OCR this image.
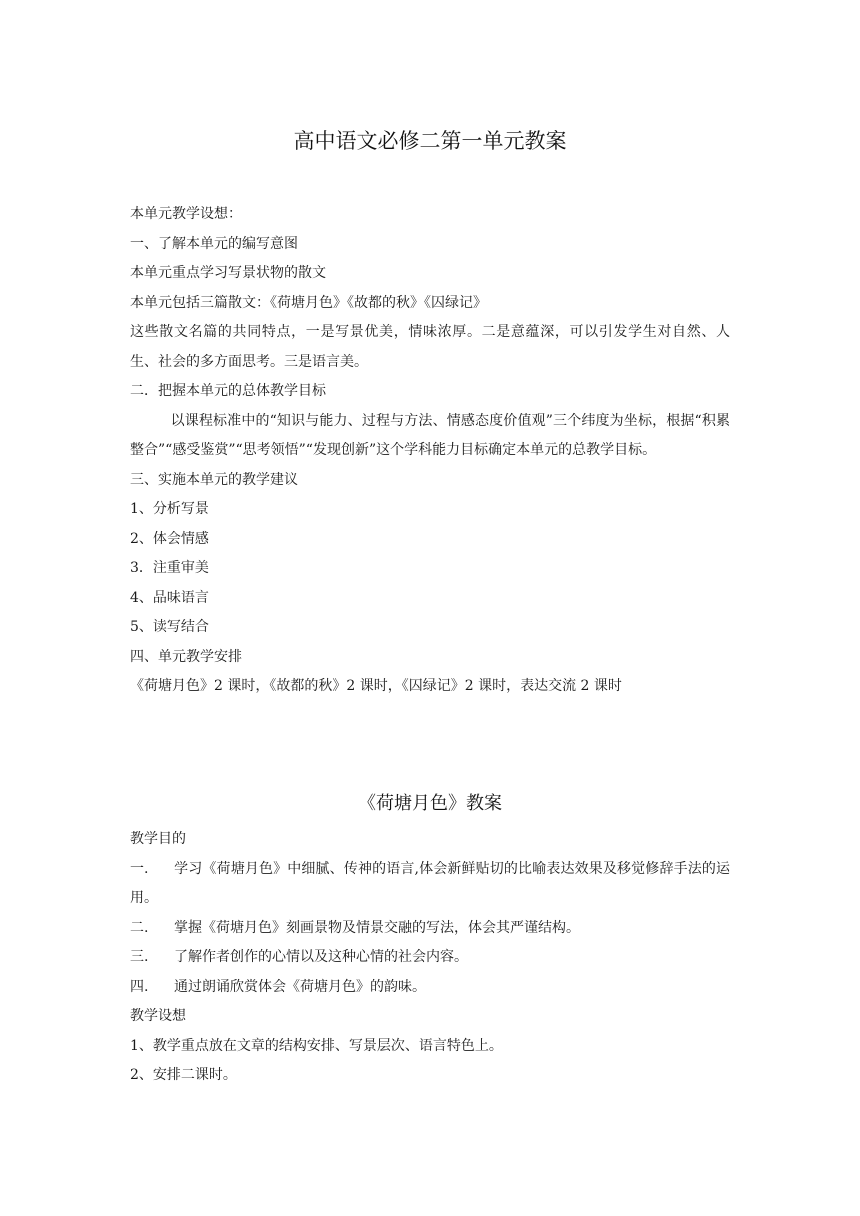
高中语文必修二第一单元教案

本单元教学设想：

一、了解本单元的编写意图

本单元重点学习写景状物的散文

本单元包括三篇散文：《荷塘月色》《故都的秋》《囚绿记》

这些散文名篇的共同特点，一是写景优美，情味浓厚。二是意蕴深，可以引发学生对自然、人生、社会的多方面思考。三是语言美。

二．把握本单元的总体教学目标

以课程标准中的“知识与能力、过程与方法、情感态度价值观”三个纬度为坐标，根据“积累整合”“感受鉴赏”“思考领悟”“发现创新”这个学科能力目标确定本单元的总教学目标。

三、实施本单元的教学建议

1、分析写景

2、体会情感

3．注重审美

4、品味语言

5、读写结合

四、单元教学安排

《荷塘月色》2 课时，《故都的秋》2 课时，《囚绿记》2 课时，表达交流 2 课时

《荷塘月色》教案

教学目的

一. 学习《荷塘月色》中细腻、传神的语言,体会新鲜贴切的比喻表达效果及移觉修辞手法的运用。

二. 掌握《荷塘月色》刻画景物及情景交融的写法，体会其严谨结构。

三. 了解作者创作的心情以及这种心情的社会内容。

四. 通过朗诵欣赏体会《荷塘月色》的韵味。

教学设想

1、教学重点放在文章的结构安排、写景层次、语言特色上。

2、安排二课时。
